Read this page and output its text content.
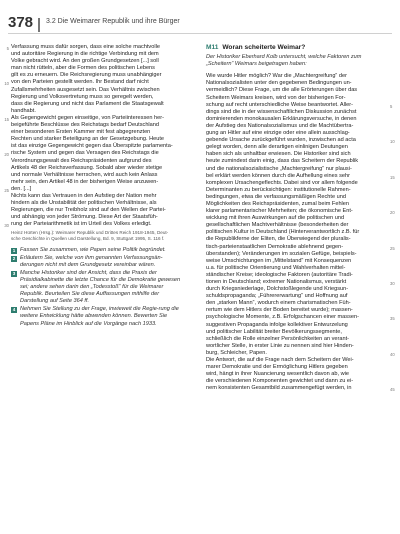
378 3.2 Die Weimarer Republik und ihre Bürger
5 Verfassung muss dafür sorgen, dass eine solche machtvolle
und autoritäre Regierung in die richtige Verbindung mit dem
Volke gebracht wird. An den großen Grundgesetzen [...] soll
man nicht rütteln, aber die Formen des politischen Lebens
gilt es zu erneuern. Die Reichsregierung muss unabhängiger
10 von den Parteien gestellt werden. Ihr Bestand darf nicht
Zufallsmehrheiten ausgesetzt sein. Das Verhältnis zwischen
Regierung und Volksvertretung muss so geregelt werden,
dass die Regierung und nicht das Parlament die Staatsgewalt
handhabt.
15 Als Gegengewicht gegen einseitige, von Parteiinteressen her-
beigeführte Beschlüsse des Reichstags bedarf Deutschland
einer besonderen Ersten Kammer mit fest abgegrenzten
Rechten und starker Beteiligung an der Gesetzgebung. Heute
ist das einzige Gegengewicht gegen das Überspitzte parlamenta-
20 rische System und gegen das Versagen des Reichstags die
Verordnungsgewalt des Reichspräsidenten aufgrund des
Artikels 48 der Reichsverfassung. Sobald aber wieder stetige
und normale Verhältnisse herrschen, wird auch kein Anlass
mehr sein, den Artikel 48 in der bisherigen Weise anzuwen-
25 den. [...]
Nichts kann das Vertrauen in den Aufstieg der Nation mehr
hindern als die Unstabilität der politischen Verhältnisse, als
Regierungen, die nur Treibholz sind auf den Wellen der Partei-
und abhängig von jeder Strömung. Diese Art der Staatsfüh-
30 rung der Parteiarithmetik ist im Urteil des Volkes erledigt.
Heinz Hürten (Hrsg.): Weimarer Republik und Drittes Reich 1918-1945, Deut-
sche Geschichte in Quellen und Darstellung, Bd. 9, Stuttgart 1995, S. 116 f.
1 Fassen Sie zusammen, wie Papen seine Politik begründet.
2 Erläutern Sie, welche von ihm genannten Verfassungsän-derungen nicht mit dem Grundgesetz vereinbar wären.
3 Manche Historiker sind der Ansicht, dass die Praxis der Präsidialkabinette die letzte Chance für die Demokratie gewesen sei; andere sehen darin den „Todesstoß“ für die Weimarer Republik. Beurteilen Sie diese Auffassungen mithilfe der Darstellung auf Seite 364 ff.
4 Nehmen Sie Stellung zu der Frage, inwieweit die Regie-rung die weitere Entwicklung hätte abwenden können. Bewerten Sie Papens Pläne im Hinblick auf die Vorgänge nach 1933.
M11 Woran scheiterte Weimar?
Der Historiker Eberhard Kolb untersucht, welche Faktoren zum
„Scheitern“ Weimars beigetragen haben:
Wie wurde Hitler möglich? War die „Machtergreifung“ der
Nationalsozialisten unter den gegebenen Bedingungen un-
vermeidlich? Diese Frage, um die alle Erörterungen über das
Scheitern Weimars kreisen, wird von der bisherigen For-
5
schung auf recht unterschiedliche Weise beantwortet. Aller-
dings sind die in der wissenschaftlichen Diskussion zunächst
dominierenden monokausalen Erklärungsversuche, in denen
der Aufstieg des Nationalsozialismus und die Machtübertra-
gung an Hitler auf eine einzige oder eine allein ausschlag-
10
gebende Ursache zurückgeführt wurden, inzwischen ad acta
gelegt worden, denn alle derartigen einlinigen Deutungen
haben sich als unhaltbar erwiesen. Die Historiker sind sich
heute zumindest darin einig, dass das Scheitern der Republik
und die nationalsozialistische „Machtergreifung“ nur plausi-
15
bel erklärt werden können durch die Aufhellung eines sehr
komplexen Ursachengeflechts. Dabei sind vor allem folgende
Determinanten zu berücksichtigen: institutionelle Rahmen-
bedingungen, etwa die verfassungsmäßigen Rechte und
Möglichkeiten des Reichspräsidenten, zumal beim Fehlen
20
klarer parlamentarischer Mehrheiten; die ökonomische Ent-
wicklung mit ihren Auswirkungen auf die politischen und
gesellschaftlichen Machtverhältnisse (besonderheiten der
politischen Kultur in Deutschland (Hinterverantwortlich z.B. für
die Republikferne der Eliten, die Überwiegend der pluralis-
25
tisch-parteienstaatlichen Demokratie ablehnend gegen-
überstanden); Veränderungen im sozialen Gefüge, beispiels-
weise Umschichtungen im „Mittelstand“ mit Konsequenzen
u.a. für politische Orientierung und Wahlverhalten mittel-
ständischer Kreise; ideologische Faktoren (autoritäre Tradi-
30
tionen in Deutschland; extremer Nationalismus, verstärkt
durch Kriegsniederlage, Dolchstoßlegende und Kriegsun-
schuldspropaganda; „Führererwartung“ und Hoffnung auf
den „starken Mann“, wodurch einem charismatischen Füh-
rertum wie dem Hitlers der Boden bereitet wurde); massen-
35
psychologische Momente, z.B. Erfolgschancen einer massen-
suggestiven Propaganda infolge kollektiver Entwurzelung
und politischer Labilität breiter Bevölkerungssegmente,
schließlich die Rolle einzelner Persönlichkeiten an verant-
wortlicher Stelle, in erster Linie zu nennen sind hier Hinden-
40
burg, Schleicher, Papen.
Die Antwort, die auf die Frage nach dem Scheitern der Wei-
marer Demokratie und der Ermöglichung Hitlers gegeben
wird, hängt in ihrer Nuancierung wesentlich davon ab, wie
die verschiedenen Komponenten gewichtet und dann zu ei-
45
nem konsistenten Gesamtbild zusammengefügt werden, in
